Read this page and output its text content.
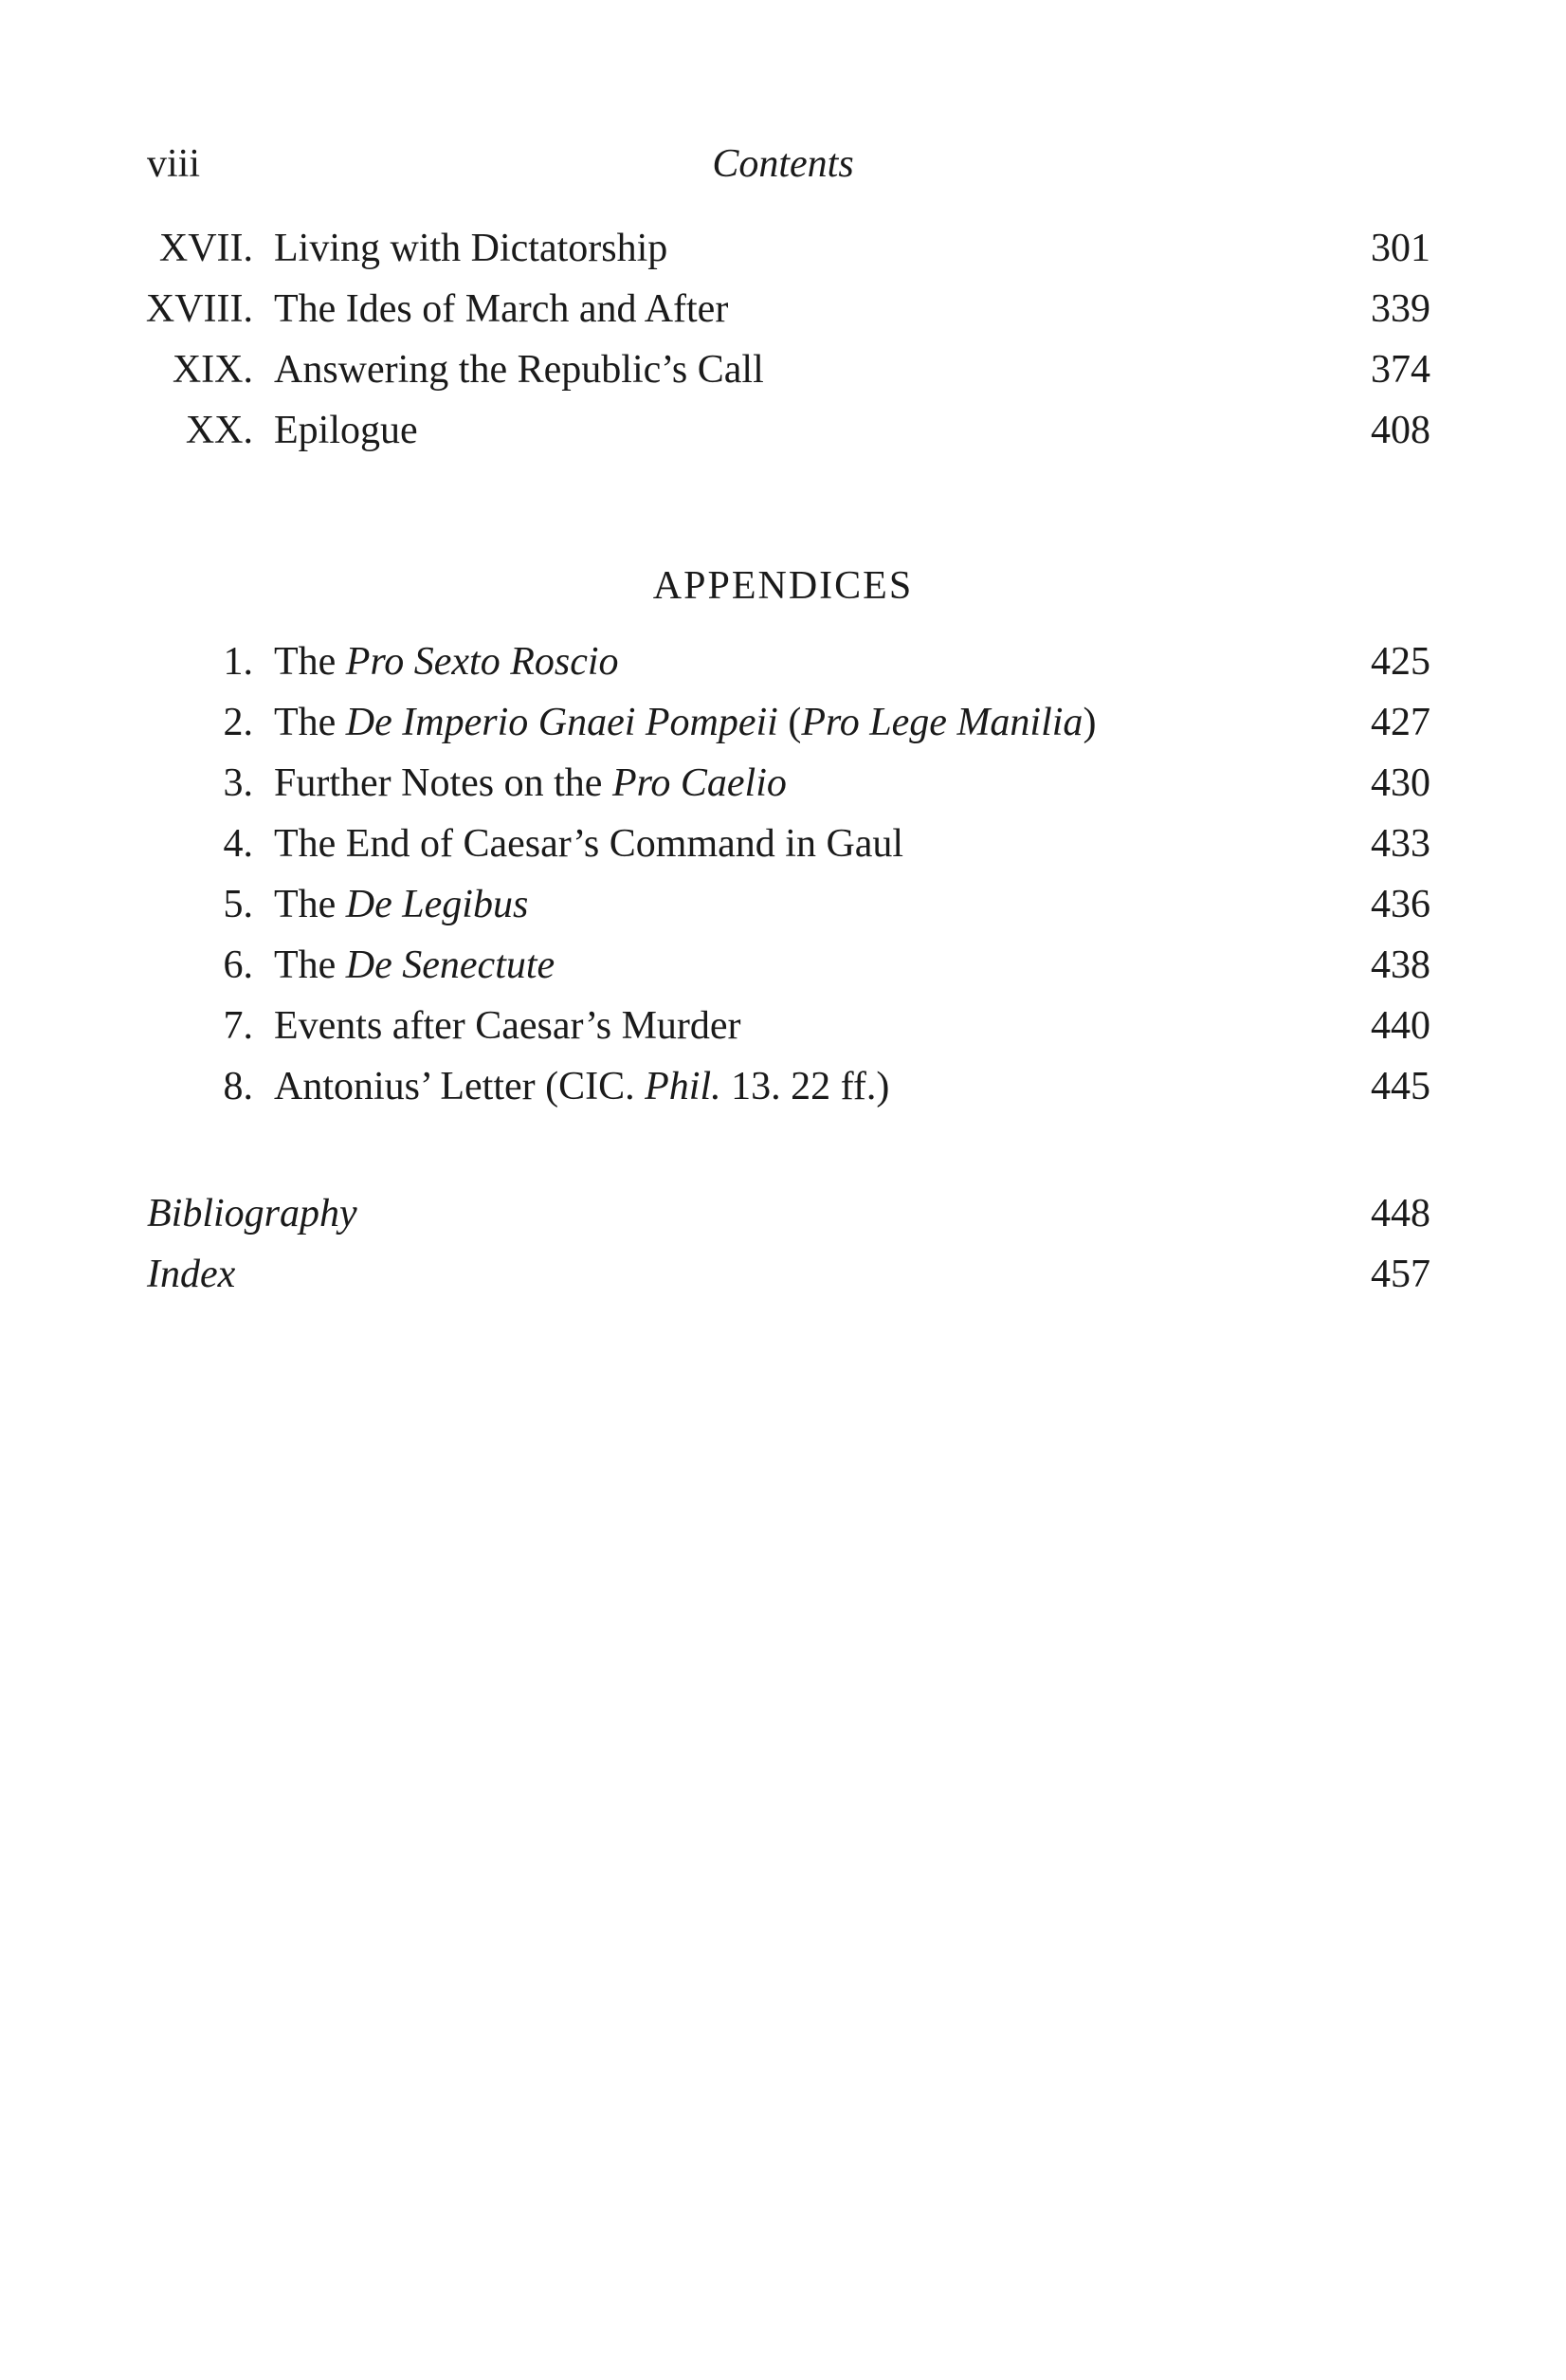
viii	Contents
XVII. Living with Dictatorship	301
XVIII. The Ides of March and After	339
XIX. Answering the Republic’s Call	374
XX. Epilogue	408
APPENDICES
1. The Pro Sexto Roscio	425
2. The De Imperio Gnaei Pompeii (Pro Lege Manilia)	427
3. Further Notes on the Pro Caelio	430
4. The End of Caesar’s Command in Gaul	433
5. The De Legibus	436
6. The De Senectute	438
7. Events after Caesar’s Murder	440
8. Antonius’ Letter (CIC. Phil. 13. 22 ff.)	445
Bibliography	448
Index	457
